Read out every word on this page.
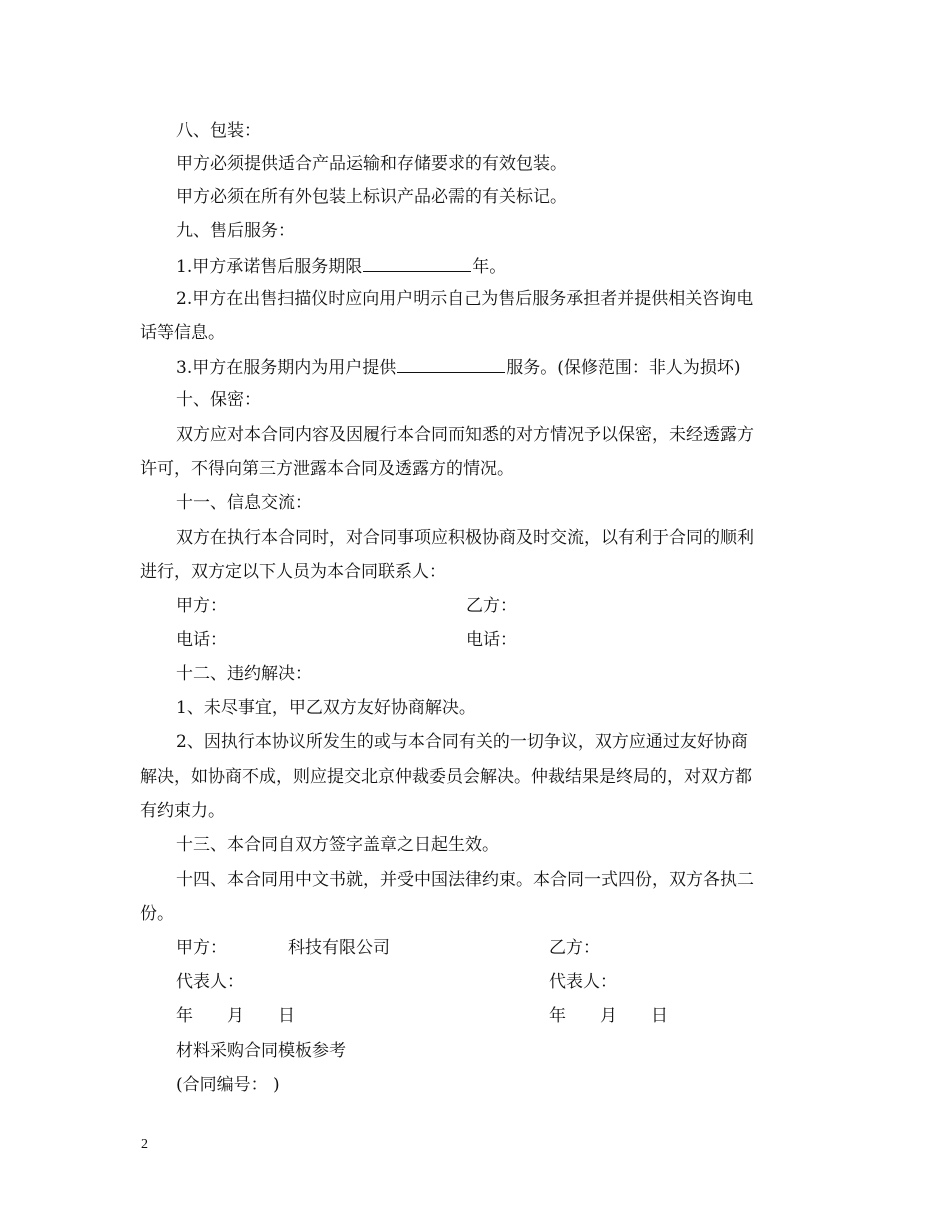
八、包装：
甲方必须提供适合产品运输和存储要求的有效包装。
甲方必须在所有外包装上标识产品必需的有关标记。
九、售后服务：
1.甲方承诺售后服务期限	年。
2.甲方在出售扫描仪时应向用户明示自己为售后服务承担者并提供相关咨询电
话等信息。
3.甲方在服务期内为用户提供	服务。(保修范围：非人为损坏)
十、保密：
双方应对本合同内容及因履行本合同而知悉的对方情况予以保密，未经透露方
许可，不得向第三方泄露本合同及透露方的情况。
十一、信息交流：
双方在执行本合同时，对合同事项应积极协商及时交流，以有利于合同的顺利
进行，双方定以下人员为本合同联系人：
甲方：	乙方：
电话：	电话：
十二、违约解决：
1、未尽事宜，甲乙双方友好协商解决。
2、因执行本协议所发生的或与本合同有关的一切争议，双方应通过友好协商
解决，如协商不成，则应提交北京仲裁委员会解决。仲裁结果是终局的，对双方都
有约束力。
十三、本合同自双方签字盖章之日起生效。
十四、本合同用中文书就，并受中国法律约束。本合同一式四份，双方各执二
份。
甲方：	科技有限公司	乙方：
代表人：	代表人：
年 月 日	年 月 日
材料采购合同模板参考
(合同编号： )
2
